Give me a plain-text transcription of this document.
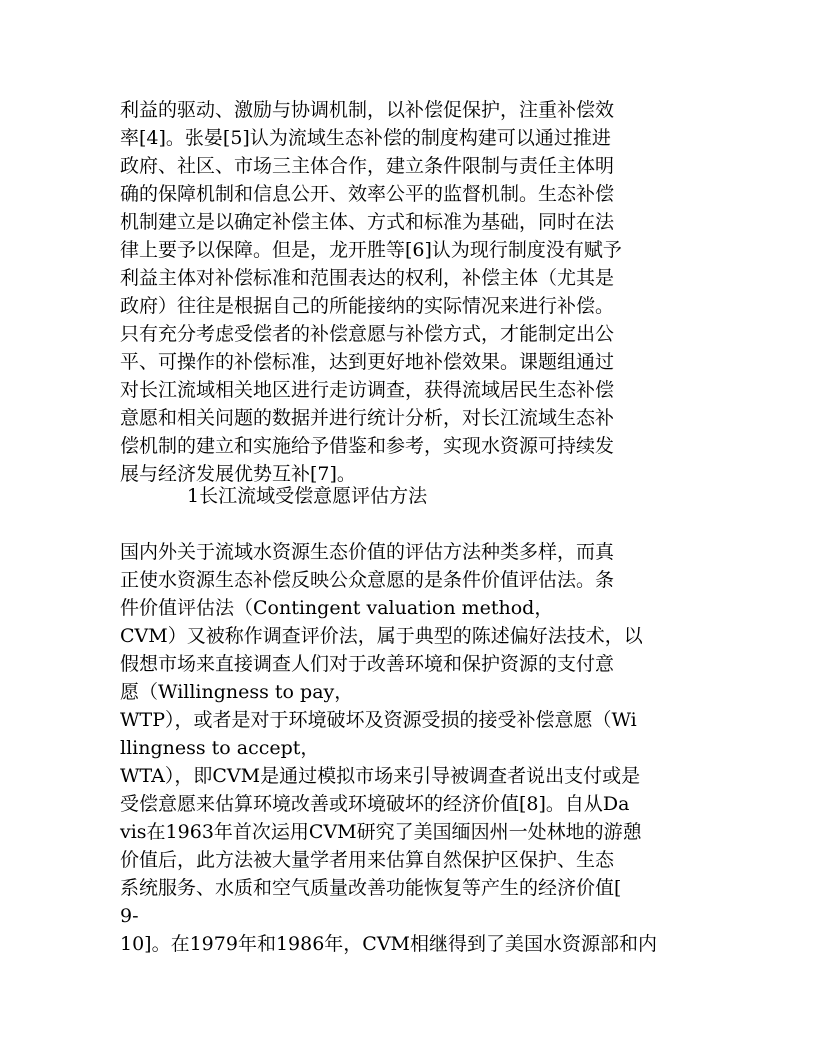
利益的驱动、激励与协调机制，以补偿促保护，注重补偿效
率[4]。张晏[5]认为流域生态补偿的制度构建可以通过推进
政府、社区、市场三主体合作，建立条件限制与责任主体明
确的保障机制和信息公开、效率公平的监督机制。生态补偿
机制建立是以确定补偿主体、方式和标准为基础，同时在法
律上要予以保障。但是，龙开胜等[6]认为现行制度没有赋予
利益主体对补偿标准和范围表达的权利，补偿主体（尤其是
政府）往往是根据自己的所能接纳的实际情况来进行补偿。
只有充分考虑受偿者的补偿意愿与补偿方式，才能制定出公
平、可操作的补偿标准，达到更好地补偿效果。课题组通过
对长江流域相关地区进行走访调查，获得流域居民生态补偿
意愿和相关问题的数据并进行统计分析，对长江流域生态补
偿机制的建立和实施给予借鉴和参考，实现水资源可持续发
展与经济发展优势互补[7]。
1长江流域受偿意愿评估方法
国内外关于流域水资源生态价值的评估方法种类多样，而真
正使水资源生态补偿反映公众意愿的是条件价值评估法。条
件价值评估法（Contingent valuation method，
CVM）又被称作调查评价法，属于典型的陈述偏好法技术，以
假想市场来直接调查人们对于改善环境和保护资源的支付意
愿（Willingness to pay，
WTP），或者是对于环境破坏及资源受损的接受补偿意愿（Wi
llingness to accept，
WTA），即CVM是通过模拟市场来引导被调查者说出支付或是
受偿意愿来估算环境改善或环境破坏的经济价值[8]。自从Da
vis在1963年首次运用CVM研究了美国缅因州一处林地的游憩
价值后，此方法被大量学者用来估算自然保护区保护、生态
系统服务、水质和空气质量改善功能恢复等产生的经济价值[
9-
10]。在1979年和1986年，CVM相继得到了美国水资源部和内
